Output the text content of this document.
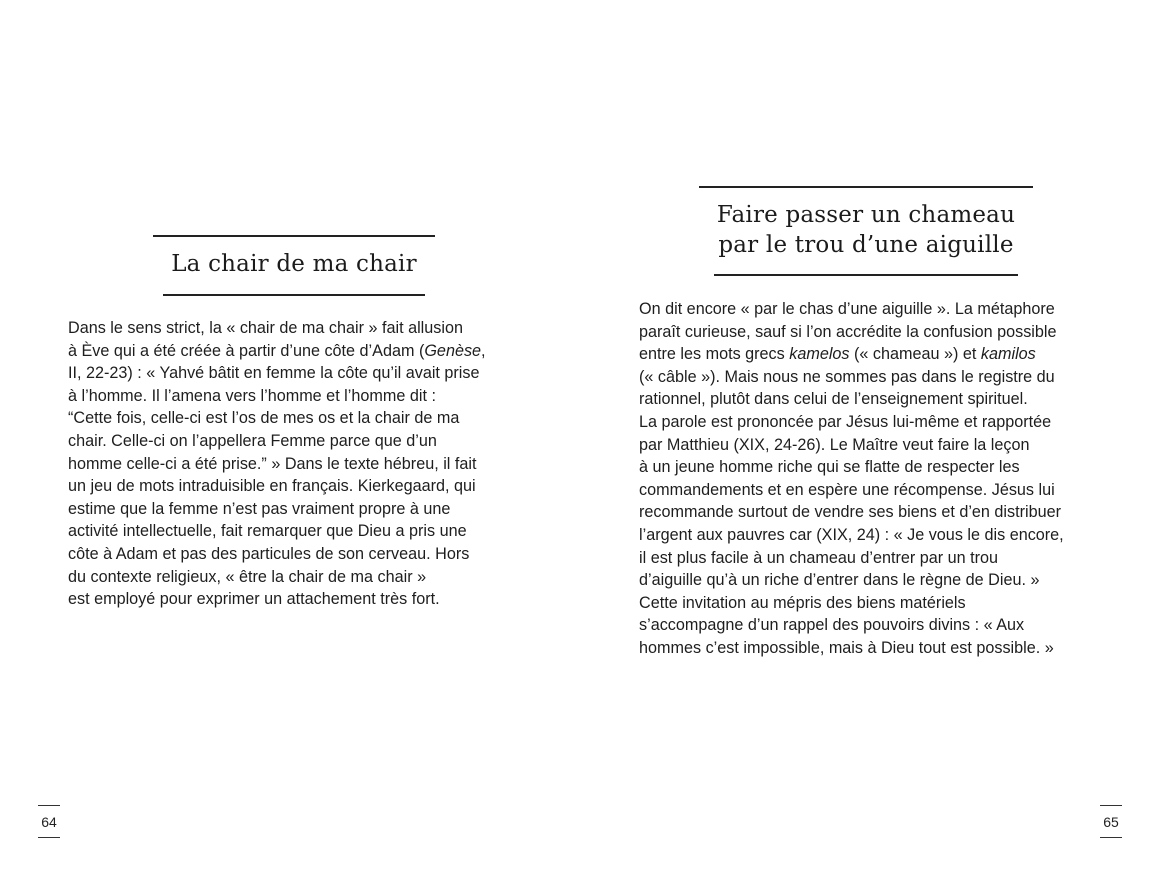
La chair de ma chair
Dans le sens strict, la « chair de ma chair » fait allusion
à Ève qui a été créée à partir d’une côte d’Adam (Genèse,
II, 22-23) : « Yahvé bâtit en femme la côte qu’il avait prise
à l’homme. Il l’amena vers l’homme et l’homme dit :
“Cette fois, celle-ci est l’os de mes os et la chair de ma
chair. Celle-ci on l’appellera Femme parce que d’un
homme celle-ci a été prise.” » Dans le texte hébreu, il fait
un jeu de mots intraduisible en français. Kierkegaard, qui
estime que la femme n’est pas vraiment propre à une
activité intellectuelle, fait remarquer que Dieu a pris une
côte à Adam et pas des particules de son cerveau. Hors
du contexte religieux, « être la chair de ma chair »
est employé pour exprimer un attachement très fort.
64
Faire passer un chameau
par le trou d’une aiguille
On dit encore « par le chas d’une aiguille ». La métaphore
paraît curieuse, sauf si l’on accrédite la confusion possible
entre les mots grecs kamelos (« chameau ») et kamilos
(« câble »). Mais nous ne sommes pas dans le registre du
rationnel, plutôt dans celui de l’enseignement spirituel.
La parole est prononcée par Jésus lui-même et rapportée
par Matthieu (XIX, 24-26). Le Maître veut faire la leçon
à un jeune homme riche qui se flatte de respecter les
commandements et en espère une récompense. Jésus lui
recommande surtout de vendre ses biens et d’en distribuer
l’argent aux pauvres car (XIX, 24) : « Je vous le dis encore,
il est plus facile à un chameau d’entrer par un trou
d’aiguille qu’à un riche d’entrer dans le règne de Dieu. »
Cette invitation au mépris des biens matériels
s’accompagne d’un rappel des pouvoirs divins : « Aux
hommes c’est impossible, mais à Dieu tout est possible. »
65
